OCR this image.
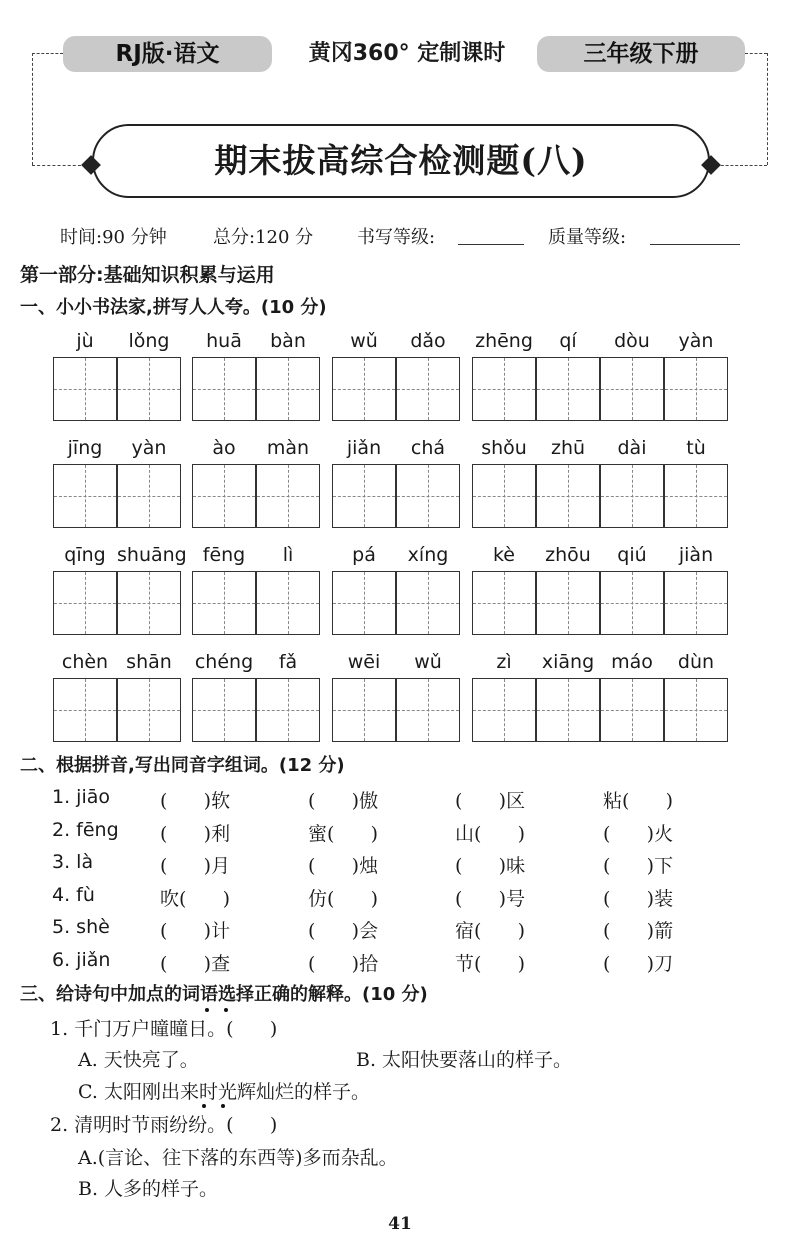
RJ版·语文	黄冈360° 定制课时	三年级下册
期末拔高综合检测题(八)
时间:90 分钟	总分:120 分 书写等级:	质量等级:
第一部分:基础知识积累与运用
一、小小书法家,拼写人人夸。(10 分)
jù	lǒng	huā	bàn	wǔ	dǎo	zhēng	qí	dòu	yàn
jīng	yàn	ào	màn	jiǎn	chá	shǒu	zhū	dài	tù
qīng shuāng fēng	lì	pá	xíng	kè	zhōu	qiú	jiàn
chèn shān	chéng	fǎ	wēi	wǔ	zì	xiāng máo	dùn
二、根据拼音,写出同音字组词。(12 分)
1. jiāo	(      )软	(      )傲	(      )区	粘(      )
2. fēng (      )利	蜜(      )	山(      )	(      )火
3. là	(      )月	(      )烛	(      )味	(      )下
4. fù	吹(      )	仿(      )	(      )号	(      )装
5. shè	(      )计	(      )会	宿(      )	(      )箭
6. jiǎn	(      )查	(      )拾	节(      )	(      )刀
三、给诗句中加点的词语选择正确的解释。(10 分)
1. 千门万户曈曈日。(      )
A. 天快亮了。	B. 太阳快要落山的样子。
C. 太阳刚出来时光辉灿烂的样子。
2. 清明时节雨纷纷。(      )
A.(言论、往下落的东西等)多而杂乱。
B. 人多的样子。
41
